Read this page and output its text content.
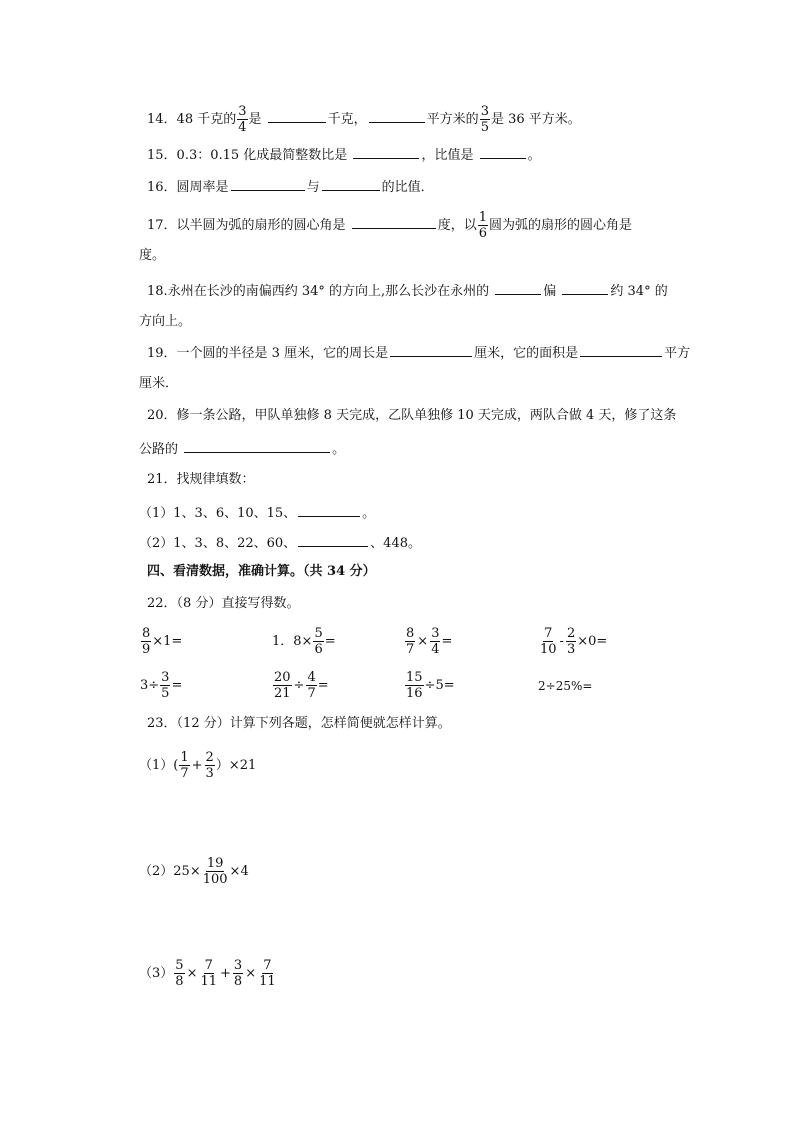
14．48 千克的 $\frac{3}{4}$ 是	千克，	平方米的 $\frac{3}{5}$ 是 36 平方米。
15．0.3：0.15 化成最简整数比是	，比值是	。
16．圆周率是	与	的比值．
17．以半圆为弧的扇形的圆心角是	度，以 $\frac{1}{6}$ 圆为弧的扇形的圆心角是
度。
18.永州在长沙的南偏西约 34° 的方向上,那么长沙在永州的	偏	约 34° 的
方向上。
19．一个圆的半径是 3 厘米，它的周长是	厘米，它的面积是	平方
厘米．
20．修一条公路，甲队单独修 8 天完成，乙队单独修 10 天完成，两队合做 4 天，修了这条
公路的	。
21．找规律填数：
（1）1、3、6、10、15、	。
（2）1、3、8、22、60、	、448。
四、看清数据，准确计算。（共 34 分）
22．（8 分）直接写得数。
$\frac{8}{9} \times 1=$	1．$8\times \frac{5}{6}$ =	$\frac{8}{7} \times \frac{3}{4}$ =	$\frac{7}{10} - \frac{2}{3} \times 0=$
$3\div \frac{3}{5}$ =	$\frac{20}{21} \div \frac{4}{7}$ =	$\frac{15}{16} \div 5=$	2÷25%=
23．（12 分）计算下列各题，怎样简便就怎样计算。
$(1)( \frac{1}{7} + \frac{2}{3} )\times 21$
$(2)25\times \frac{19}{100} \times 4$
$(3) \frac{5}{8} \times \frac{7}{11} + \frac{3}{8} \times \frac{7}{11}$
